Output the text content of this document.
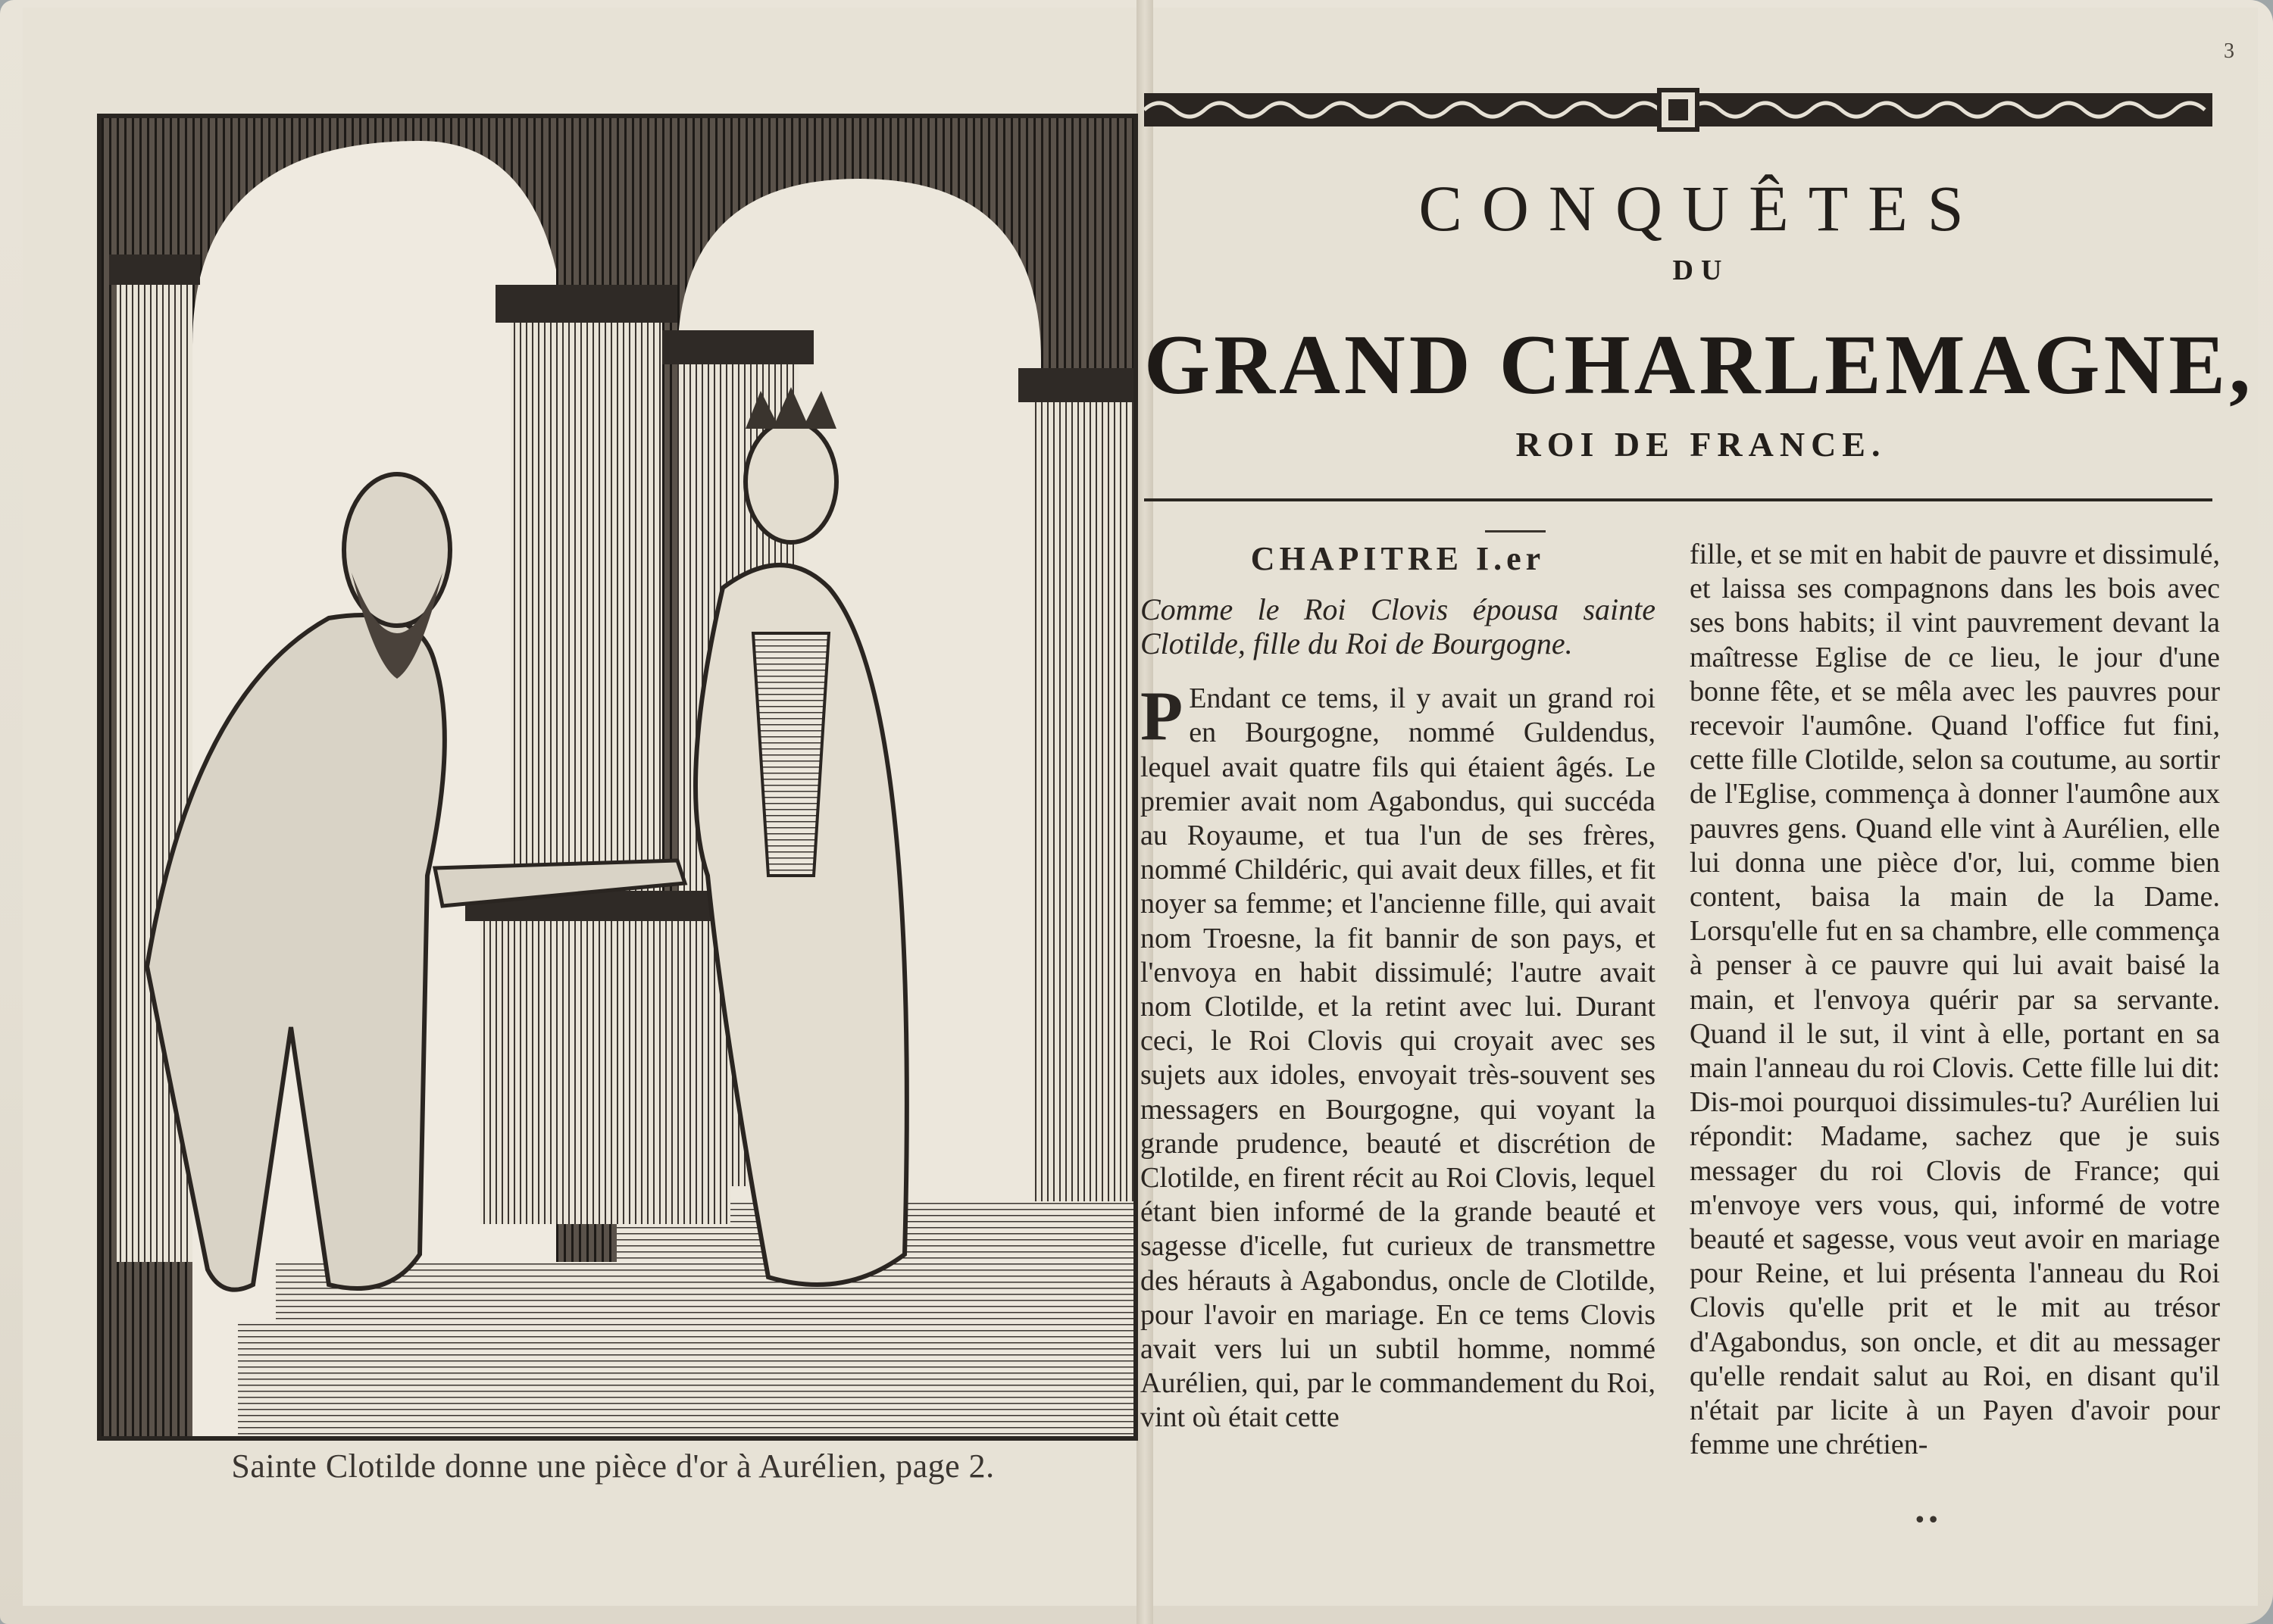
Sainte Clotilde donne une pièce d'or à Aurélien, page 2.
3
CONQUÊTES
DU
GRAND CHARLEMAGNE,
ROI DE FRANCE.
CHAPITRE I.er
Comme le Roi Clovis épousa sainte Clotilde, fille du Roi de Bourgogne.
P Endant ce tems, il y avait un grand roi en Bourgogne, nommé Guldendus, lequel avait quatre fils qui étaient âgés. Le premier avait nom Agabondus, qui succéda au Royaume, et tua l'un de ses frères, nommé Childéric, qui avait deux filles, et fit noyer sa femme; et l'ancienne fille, qui avait nom Troesne, la fit bannir de son pays, et l'envoya en habit dissimulé; l'autre avait nom Clotilde, et la retint avec lui. Durant ceci, le Roi Clovis qui croyait avec ses sujets aux idoles, envoyait très-souvent ses messagers en Bourgogne, qui voyant la grande prudence, beauté et discrétion de Clotilde, en firent récit au Roi Clovis, lequel étant bien informé de la grande beauté et sagesse d'icelle, fut curieux de transmettre des hérauts à Agabondus, oncle de Clotilde, pour l'avoir en mariage. En ce tems Clovis avait vers lui un subtil homme, nommé Aurélien, qui, par le commandement du Roi, vint où était cette
fille, et se mit en habit de pauvre et dissimulé, et laissa ses compagnons dans les bois avec ses bons habits; il vint pauvrement devant la maîtresse Eglise de ce lieu, le jour d'une bonne fête, et se mêla avec les pauvres pour recevoir l'aumône. Quand l'office fut fini, cette fille Clotilde, selon sa coutume, au sortir de l'Eglise, commença à donner l'aumône aux pauvres gens. Quand elle vint à Aurélien, elle lui donna une pièce d'or, lui, comme bien content, baisa la main de la Dame. Lorsqu'elle fut en sa chambre, elle commença à penser à ce pauvre qui lui avait baisé la main, et l'envoya quérir par sa servante. Quand il le sut, il vint à elle, portant en sa main l'anneau du roi Clovis. Cette fille lui dit: Dis-moi pourquoi dissimules-tu? Aurélien lui répondit: Madame, sachez que je suis messager du roi Clovis de France; qui m'envoye vers vous, qui, informé de votre beauté et sagesse, vous veut avoir en mariage pour Reine, et lui présenta l'anneau du Roi Clovis qu'elle prit et le mit au trésor d'Agabondus, son oncle, et dit au messager qu'elle rendait salut au Roi, en disant qu'il n'était par licite à un Payen d'avoir pour femme une chrétien-
••
